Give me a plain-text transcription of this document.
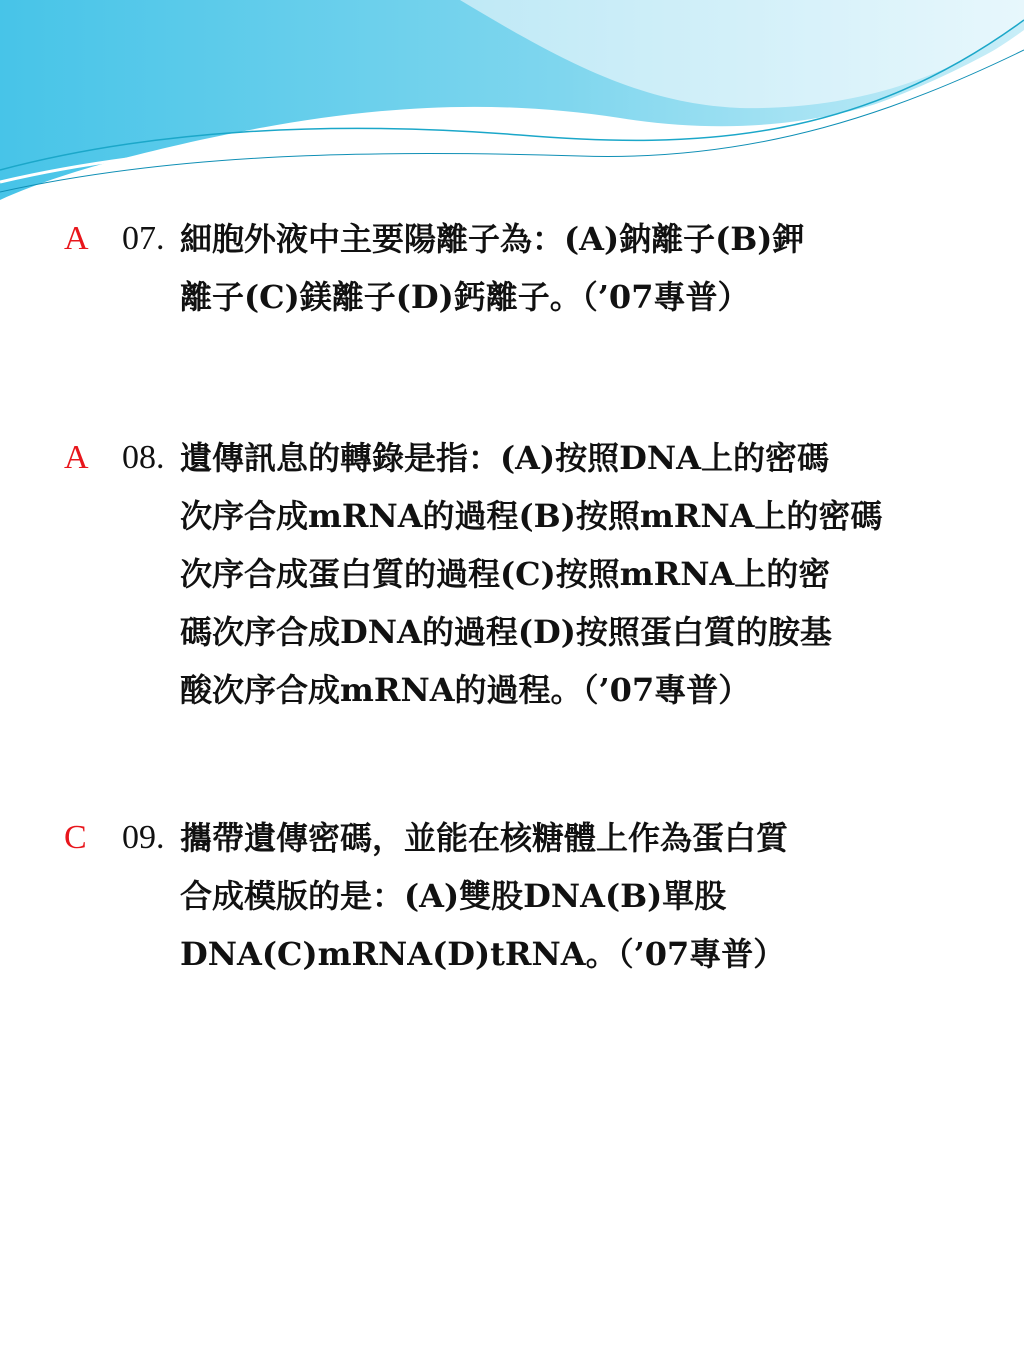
A 07. 細胞外液中主要陽離子為：(A)鈉離子(B)鉀
離子(C)鎂離子(D)鈣離子。（’07專普）
A 08. 遺傳訊息的轉錄是指：(A)按照DNA上的密碼
次序合成mRNA的過程(B)按照mRNA上的密碼
次序合成蛋白質的過程(C)按照mRNA上的密
碼次序合成DNA的過程(D)按照蛋白質的胺基
酸次序合成mRNA的過程。（’07專普）
C 09. 攜帶遺傳密碼，並能在核糖體上作為蛋白質
合成模版的是：(A)雙股DNA(B)單股
DNA(C)mRNA(D)tRNA。（’07專普）
